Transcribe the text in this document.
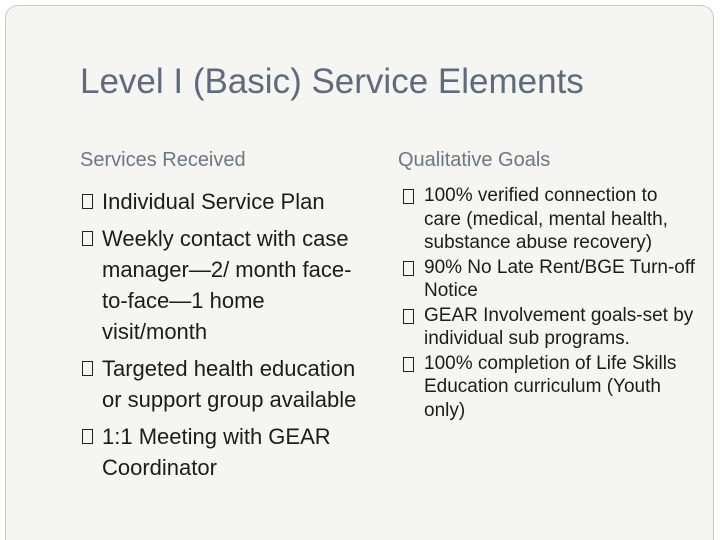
Level I (Basic) Service Elements
Services Received	Qualitative Goals
Individual Service Plan
Weekly contact with case manager—2/ month face-to-face—1 home visit/month
Targeted health education or support group available
1:1 Meeting with GEAR Coordinator
100% verified connection to care (medical, mental health, substance abuse recovery)
90% No Late Rent/BGE Turn-off Notice
GEAR Involvement goals-set by individual sub programs.
100% completion of Life Skills Education curriculum (Youth only)
